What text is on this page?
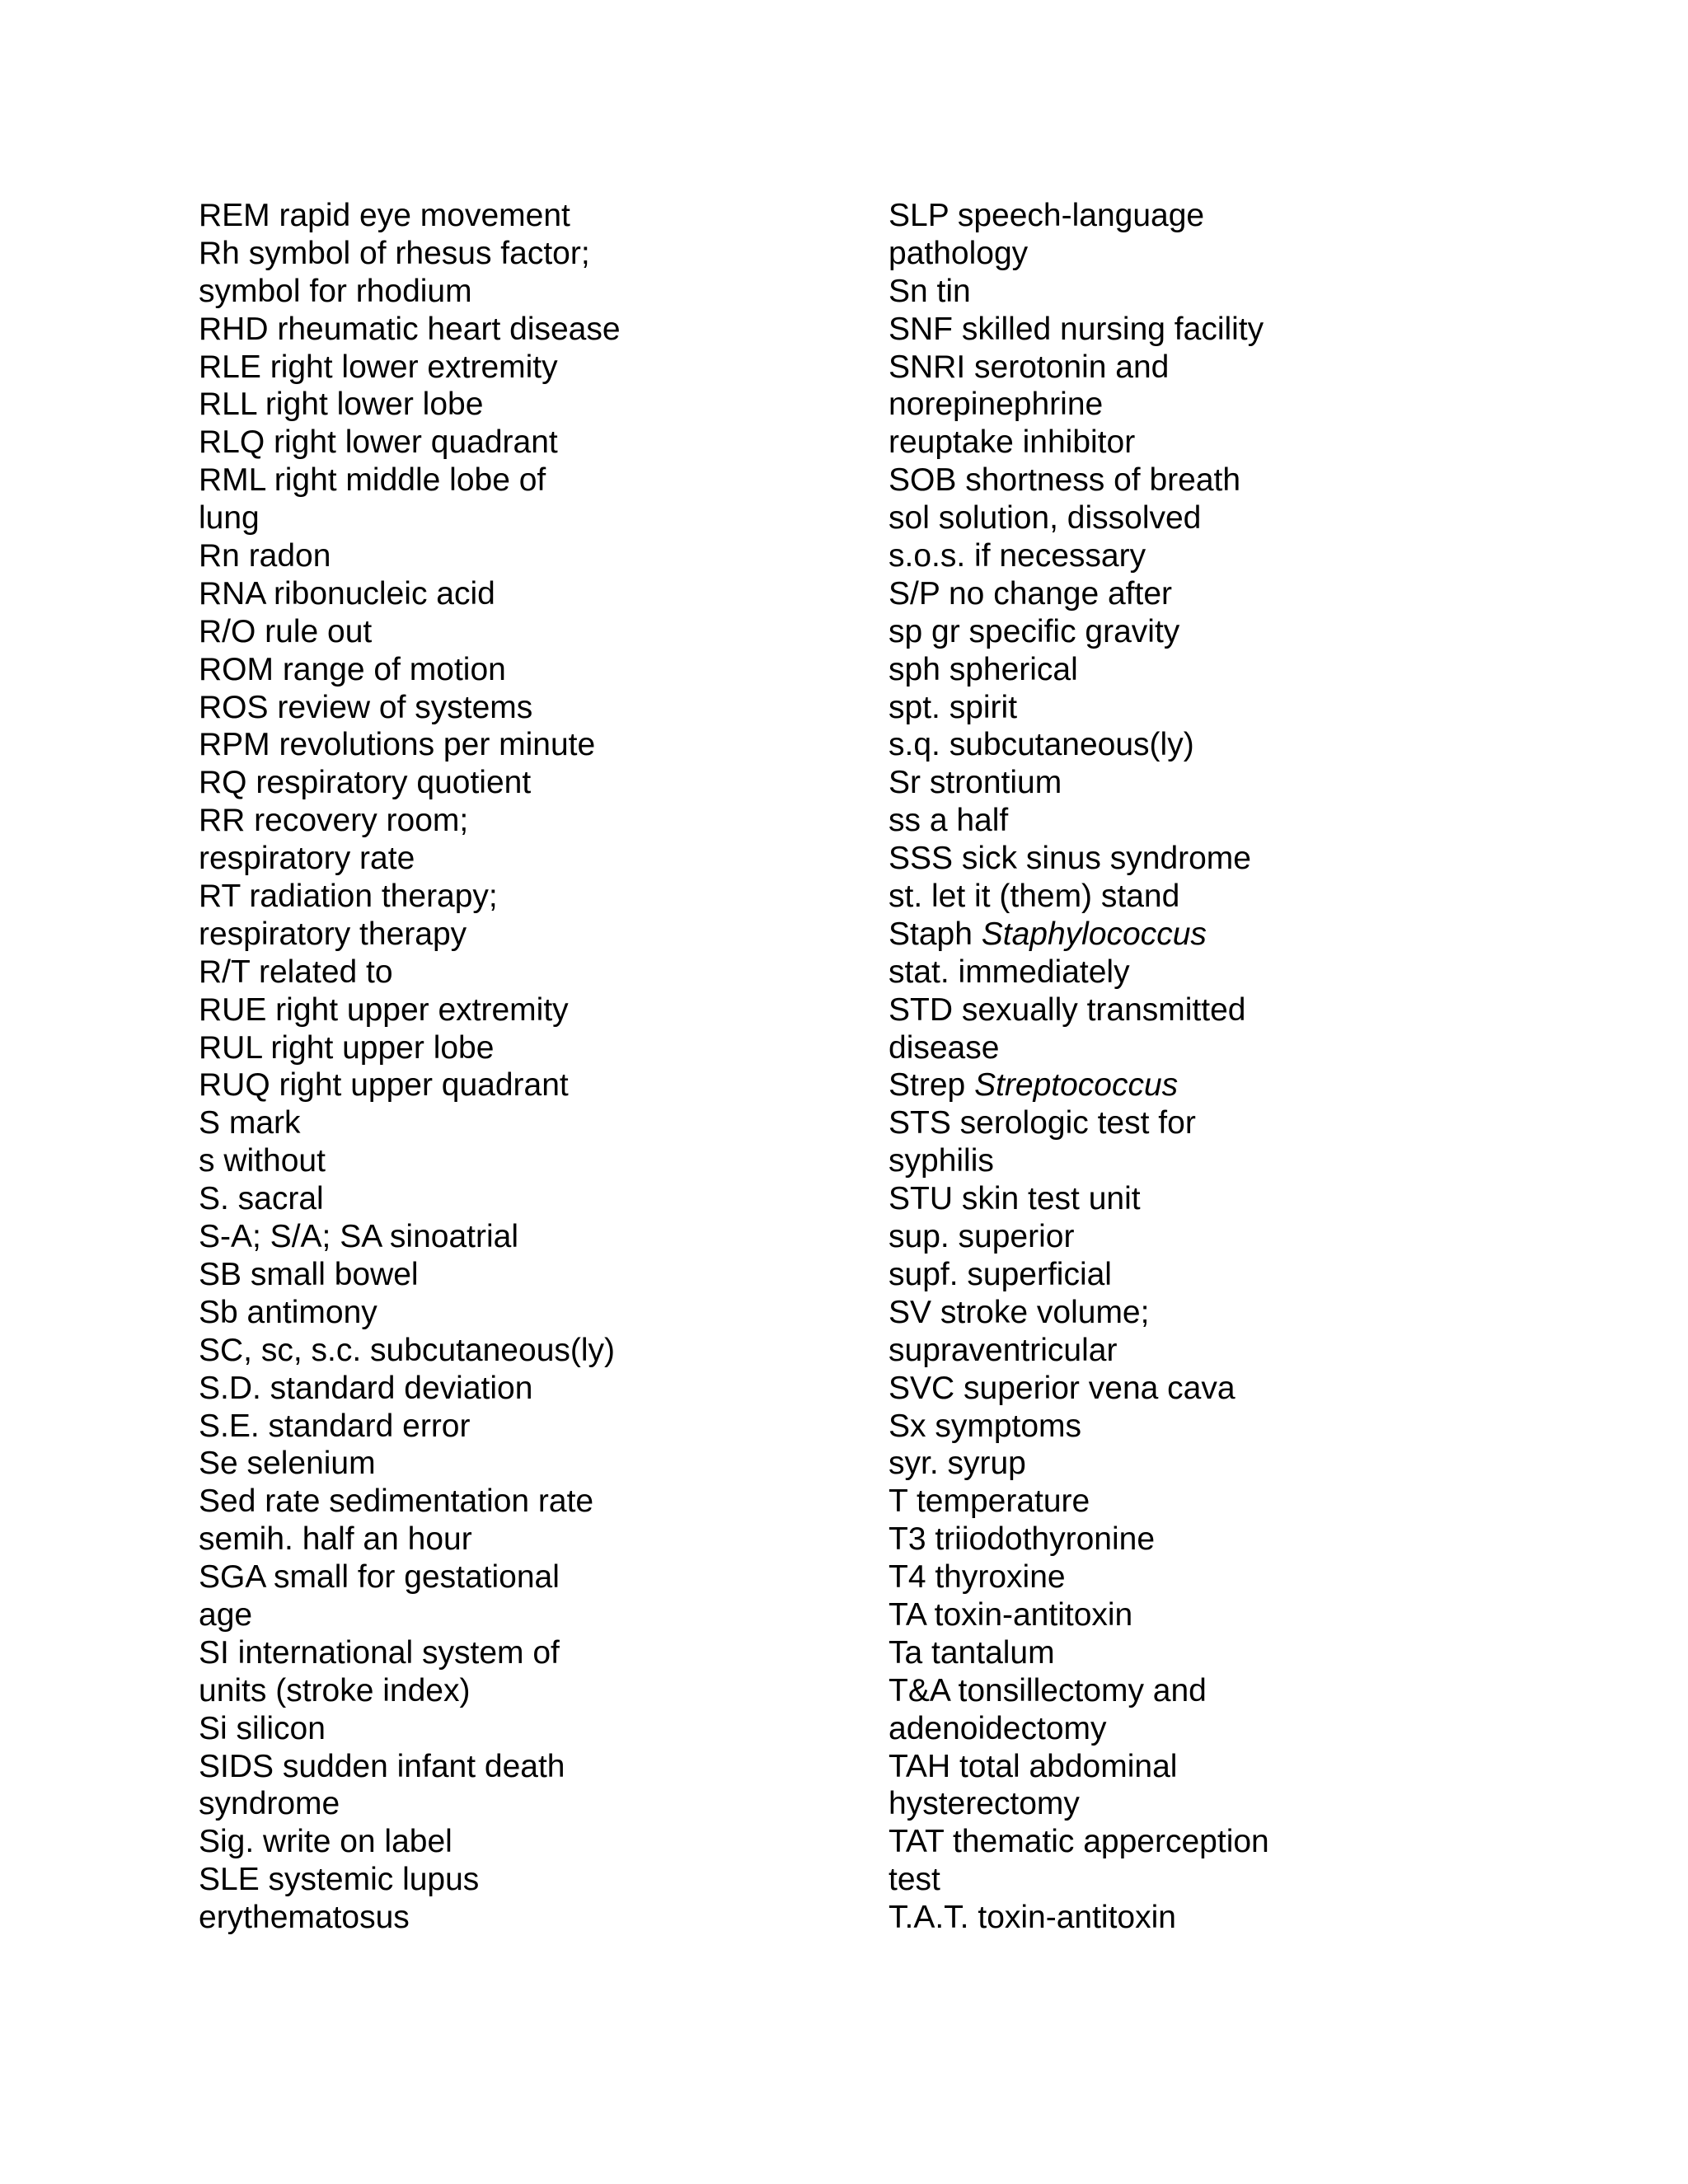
REM rapid eye movement
Rh symbol of rhesus factor;
symbol for rhodium
RHD rheumatic heart disease
RLE right lower extremity
RLL right lower lobe
RLQ right lower quadrant
RML right middle lobe of
lung
Rn radon
RNA ribonucleic acid
R/O rule out
ROM range of motion
ROS review of systems
RPM revolutions per minute
RQ respiratory quotient
RR recovery room;
respiratory rate
RT radiation therapy;
respiratory therapy
R/T related to
RUE right upper extremity
RUL right upper lobe
RUQ right upper quadrant
S mark
s without
S. sacral
S-A; S/A; SA sinoatrial
SB small bowel
Sb antimony
SC, sc, s.c. subcutaneous(ly)
S.D. standard deviation
S.E. standard error
Se selenium
Sed rate sedimentation rate
semih. half an hour
SGA small for gestational
age
SI international system of
units (stroke index)
Si silicon
SIDS sudden infant death
syndrome
Sig. write on label
SLE systemic lupus
erythematosus
SLP speech-language
pathology
Sn tin
SNF skilled nursing facility
SNRI serotonin and
norepinephrine
reuptake inhibitor
SOB shortness of breath
sol solution, dissolved
s.o.s. if necessary
S/P no change after
sp gr specific gravity
sph spherical
spt. spirit
s.q. subcutaneous(ly)
Sr strontium
ss a half
SSS sick sinus syndrome
st. let it (them) stand
Staph Staphylococcus
stat. immediately
STD sexually transmitted
disease
Strep Streptococcus
STS serologic test for
syphilis
STU skin test unit
sup. superior
supf. superficial
SV stroke volume;
supraventricular
SVC superior vena cava
Sx symptoms
syr. syrup
T temperature
T3 triiodothyronine
T4 thyroxine
TA toxin-antitoxin
Ta tantalum
T&A tonsillectomy and
adenoidectomy
TAH total abdominal
hysterectomy
TAT thematic apperception
test
T.A.T. toxin-antitoxin
